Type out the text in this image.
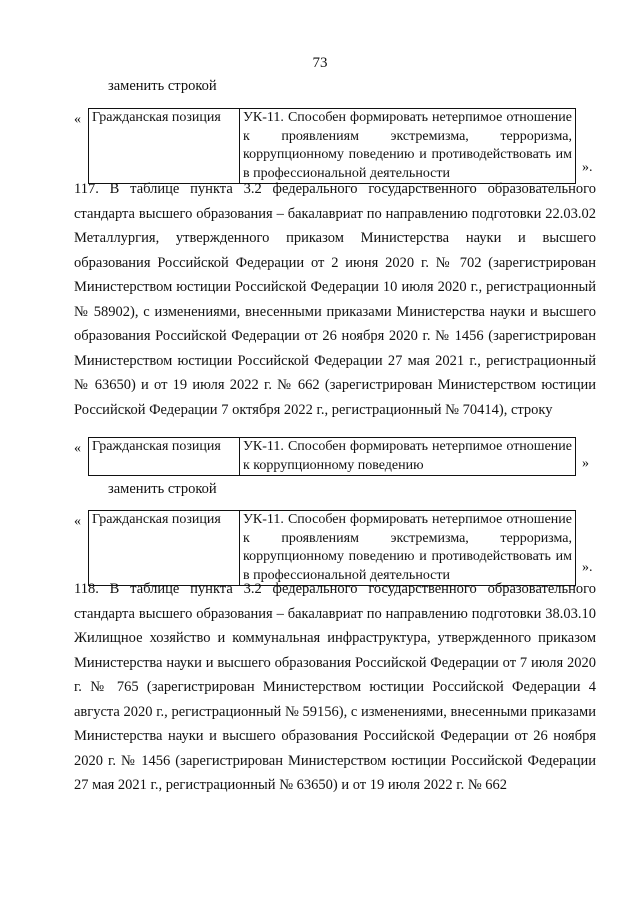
73
заменить строкой
« Гражданская позиция	УК-11. Способен формировать нетерпимое отношение к проявлениям экстремизма, терроризма, коррупционному поведению и противодействовать им в профессиональной деятельности	».
117. В таблице пункта 3.2 федерального государственного образовательного стандарта высшего образования – бакалавриат по направлению подготовки 22.03.02 Металлургия, утвержденного приказом Министерства науки и высшего образования Российской Федерации от 2 июня 2020 г. № 702 (зарегистрирован Министерством юстиции Российской Федерации 10 июля 2020 г., регистрационный № 58902), с изменениями, внесенными приказами Министерства науки и высшего образования Российской Федерации от 26 ноября 2020 г. № 1456 (зарегистрирован Министерством юстиции Российской Федерации 27 мая 2021 г., регистрационный № 63650) и от 19 июля 2022 г. № 662 (зарегистрирован Министерством юстиции Российской Федерации 7 октября 2022 г., регистрационный № 70414), строку
« Гражданская позиция	УК-11. Способен формировать нетерпимое отношение к коррупционному поведению	»
заменить строкой
« Гражданская позиция	УК-11. Способен формировать нетерпимое отношение к проявлениям экстремизма, терроризма, коррупционному поведению и противодействовать им в профессиональной деятельности	».
118. В таблице пункта 3.2 федерального государственного образовательного стандарта высшего образования – бакалавриат по направлению подготовки 38.03.10 Жилищное хозяйство и коммунальная инфраструктура, утвержденного приказом Министерства науки и высшего образования Российской Федерации от 7 июля 2020 г. № 765 (зарегистрирован Министерством юстиции Российской Федерации 4 августа 2020 г., регистрационный № 59156), с изменениями, внесенными приказами Министерства науки и высшего образования Российской Федерации от 26 ноября 2020 г. № 1456 (зарегистрирован Министерством юстиции Российской Федерации 27 мая 2021 г., регистрационный № 63650) и от 19 июля 2022 г. № 662
